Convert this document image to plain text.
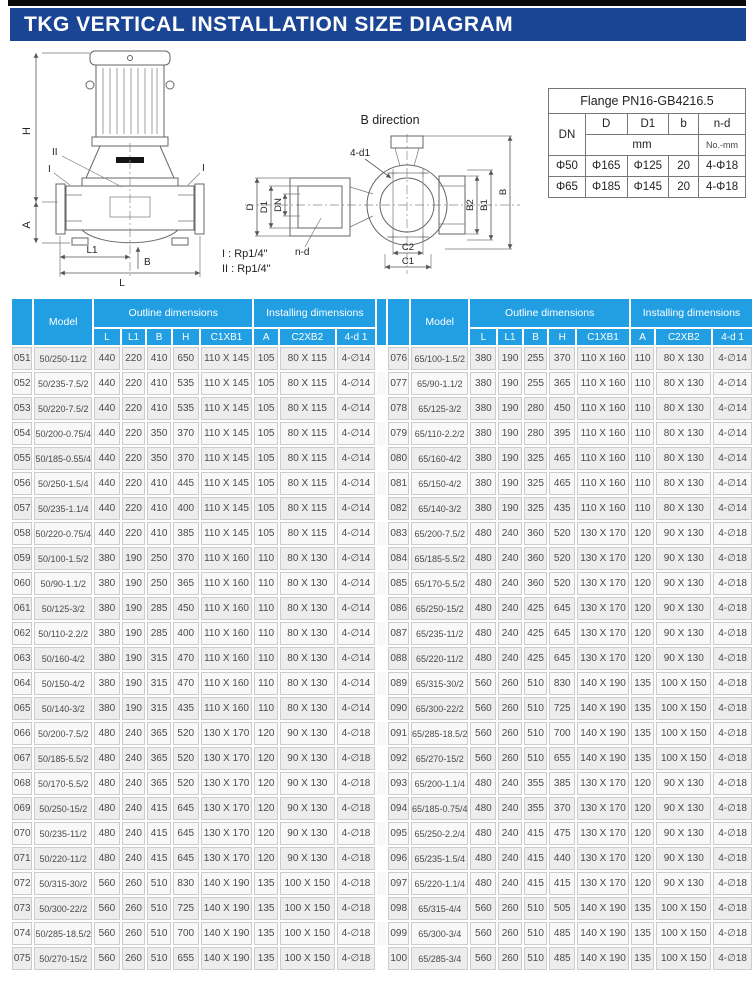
TKG VERTICAL INSTALLATION SIZE DIAGRAM
H
A
II
I	I
L1
L
B
B direction
D D1 DN	B2 B1
B
C2
C1
4-d1
n-d
I : Rp1/4"
II : Rp1/4"
Flange PN16-GB4216.5				
DN	D	D1	b	n-d
	mm			No.-mm
Φ50	Φ165	Φ125	20	4-Φ18
Φ65	Φ185	Φ145	20	4-Φ18
	Model	Outline dimensions					Installing dimensions					Model	Outline dimensions					Installing dimensions		
		L	L1	B	H	C1XB1	A	C2XB2	4-d 1				L	L1	B	H	C1XB1	A	C2XB2	4-d 1
051	50/250-11/2	440	220	410	650	110 X 145	105	80 X 115	4-∅14		076	65/100-1.5/2	380	190	255	370	110 X 160	110	80 X 130	4-∅14
052	50/235-7.5/2	440	220	410	535	110 X 145	105	80 X 115	4-∅14		077	65/90-1.1/2	380	190	255	365	110 X 160	110	80 X 130	4-∅14
053	50/220-7.5/2	440	220	410	535	110 X 145	105	80 X 115	4-∅14		078	65/125-3/2	380	190	280	450	110 X 160	110	80 X 130	4-∅14
054	50/200-0.75/4	440	220	350	370	110 X 145	105	80 X 115	4-∅14		079	65/110-2.2/2	380	190	280	395	110 X 160	110	80 X 130	4-∅14
055	50/185-0.55/4	440	220	350	370	110 X 145	105	80 X 115	4-∅14		080	65/160-4/2	380	190	325	465	110 X 160	110	80 X 130	4-∅14
056	50/250-1.5/4	440	220	410	445	110 X 145	105	80 X 115	4-∅14		081	65/150-4/2	380	190	325	465	110 X 160	110	80 X 130	4-∅14
057	50/235-1.1/4	440	220	410	400	110 X 145	105	80 X 115	4-∅14		082	65/140-3/2	380	190	325	435	110 X 160	110	80 X 130	4-∅14
058	50/220-0.75/4	440	220	410	385	110 X 145	105	80 X 115	4-∅14		083	65/200-7.5/2	480	240	360	520	130 X 170	120	90 X 130	4-∅18
059	50/100-1.5/2	380	190	250	370	110 X 160	110	80 X 130	4-∅14		084	65/185-5.5/2	480	240	360	520	130 X 170	120	90 X 130	4-∅18
060	50/90-1.1/2	380	190	250	365	110 X 160	110	80 X 130	4-∅14		085	65/170-5.5/2	480	240	360	520	130 X 170	120	90 X 130	4-∅18
061	50/125-3/2	380	190	285	450	110 X 160	110	80 X 130	4-∅14		086	65/250-15/2	480	240	425	645	130 X 170	120	90 X 130	4-∅18
062	50/110-2.2/2	380	190	285	400	110 X 160	110	80 X 130	4-∅14		087	65/235-11/2	480	240	425	645	130 X 170	120	90 X 130	4-∅18
063	50/160-4/2	380	190	315	470	110 X 160	110	80 X 130	4-∅14		088	65/220-11/2	480	240	425	645	130 X 170	120	90 X 130	4-∅18
064	50/150-4/2	380	190	315	470	110 X 160	110	80 X 130	4-∅14		089	65/315-30/2	560	260	510	830	140 X 190	135	100 X 150	4-∅18
065	50/140-3/2	380	190	315	435	110 X 160	110	80 X 130	4-∅14		090	65/300-22/2	560	260	510	725	140 X 190	135	100 X 150	4-∅18
066	50/200-7.5/2	480	240	365	520	130 X 170	120	90 X 130	4-∅18		091	65/285-18.5/2	560	260	510	700	140 X 190	135	100 X 150	4-∅18
067	50/185-5.5/2	480	240	365	520	130 X 170	120	90 X 130	4-∅18		092	65/270-15/2	560	260	510	655	140 X 190	135	100 X 150	4-∅18
068	50/170-5.5/2	480	240	365	520	130 X 170	120	90 X 130	4-∅18		093	65/200-1.1/4	480	240	355	385	130 X 170	120	90 X 130	4-∅18
069	50/250-15/2	480	240	415	645	130 X 170	120	90 X 130	4-∅18		094	65/185-0.75/4	480	240	355	370	130 X 170	120	90 X 130	4-∅18
070	50/235-11/2	480	240	415	645	130 X 170	120	90 X 130	4-∅18		095	65/250-2.2/4	480	240	415	475	130 X 170	120	90 X 130	4-∅18
071	50/220-11/2	480	240	415	645	130 X 170	120	90 X 130	4-∅18		096	65/235-1.5/4	480	240	415	440	130 X 170	120	90 X 130	4-∅18
072	50/315-30/2	560	260	510	830	140 X 190	135	100 X 150	4-∅18		097	65/220-1.1/4	480	240	415	415	130 X 170	120	90 X 130	4-∅18
073	50/300-22/2	560	260	510	725	140 X 190	135	100 X 150	4-∅18		098	65/315-4/4	560	260	510	505	140 X 190	135	100 X 150	4-∅18
074	50/285-18.5/2	560	260	510	700	140 X 190	135	100 X 150	4-∅18		099	65/300-3/4	560	260	510	485	140 X 190	135	100 X 150	4-∅18
075	50/270-15/2	560	260	510	655	140 X 190	135	100 X 150	4-∅18		100	65/285-3/4	560	260	510	485	140 X 190	135	100 X 150	4-∅18
